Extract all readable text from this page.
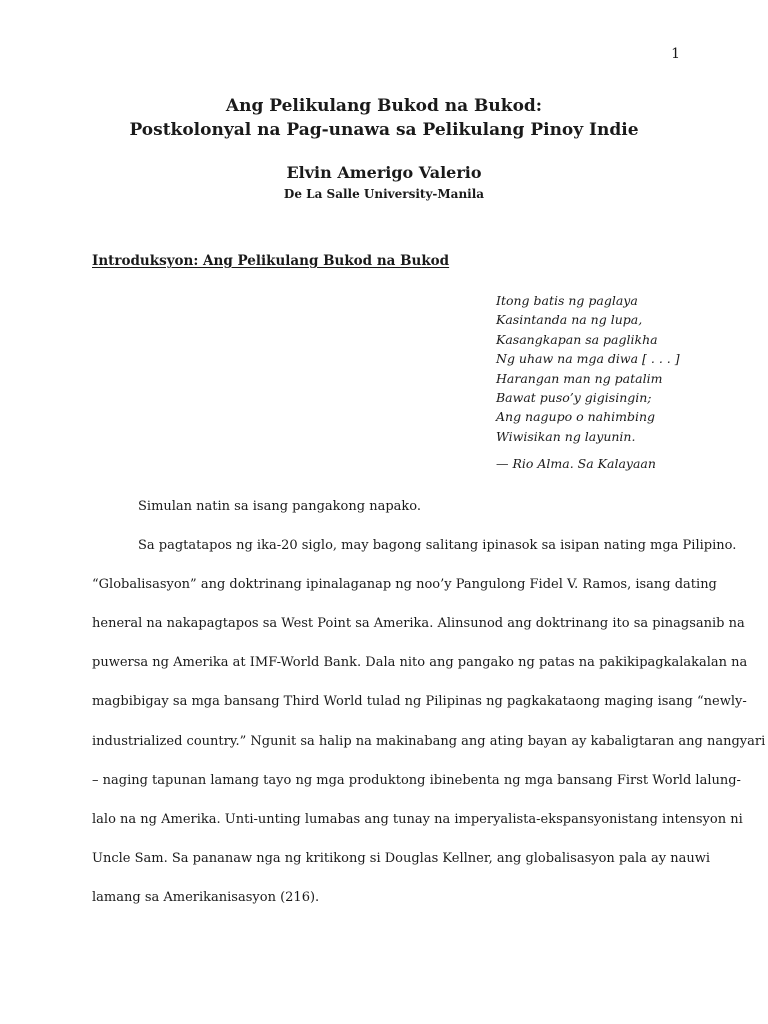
1
Ang Pelikulang Bukod na Bukod:
Postkolonyal na Pag-unawa sa Pelikulang Pinoy Indie
Elvin Amerigo Valerio
De La Salle University-Manila
Introduksyon: Ang Pelikulang Bukod na Bukod
Itong batis ng paglaya
Kasintanda na ng lupa,
Kasangkapan sa paglikha
Ng uhaw na mga diwa [ . . . ]
Harangan man ng patalim
Bawat puso’y gigisingin;
Ang nagupo o nahimbing
Wiwisikan ng layunin.
— Rio Alma. Sa Kalayaan
Simulan natin sa isang pangakong napako.
Sa pagtatapos ng ika-20 siglo, may bagong salitang ipinasok sa isipan nating mga Pilipino.
“Globalisasyon” ang doktrinang ipinalaganap ng noo’y Pangulong Fidel V. Ramos, isang dating
heneral na nakapagtapos sa West Point sa Amerika. Alinsunod ang doktrinang ito sa pinagsanib na
puwersa ng Amerika at IMF-World Bank. Dala nito ang pangako ng patas na pakikipagkalakalan na
magbibigay sa mga bansang Third World tulad ng Pilipinas ng pagkakataong maging isang “newly-
industrialized country.” Ngunit sa halip na makinabang ang ating bayan ay kabaligtaran ang nangyari
– naging tapunan lamang tayo ng mga produktong ibinebenta ng mga bansang First World lalung-
lalo na ng Amerika. Unti-unting lumabas ang tunay na imperyalista-ekspansyonistang intensyon ni
Uncle Sam. Sa pananaw nga ng kritikong si Douglas Kellner, ang globalisasyon pala ay nauwi
lamang sa Amerikanisasyon (216).
